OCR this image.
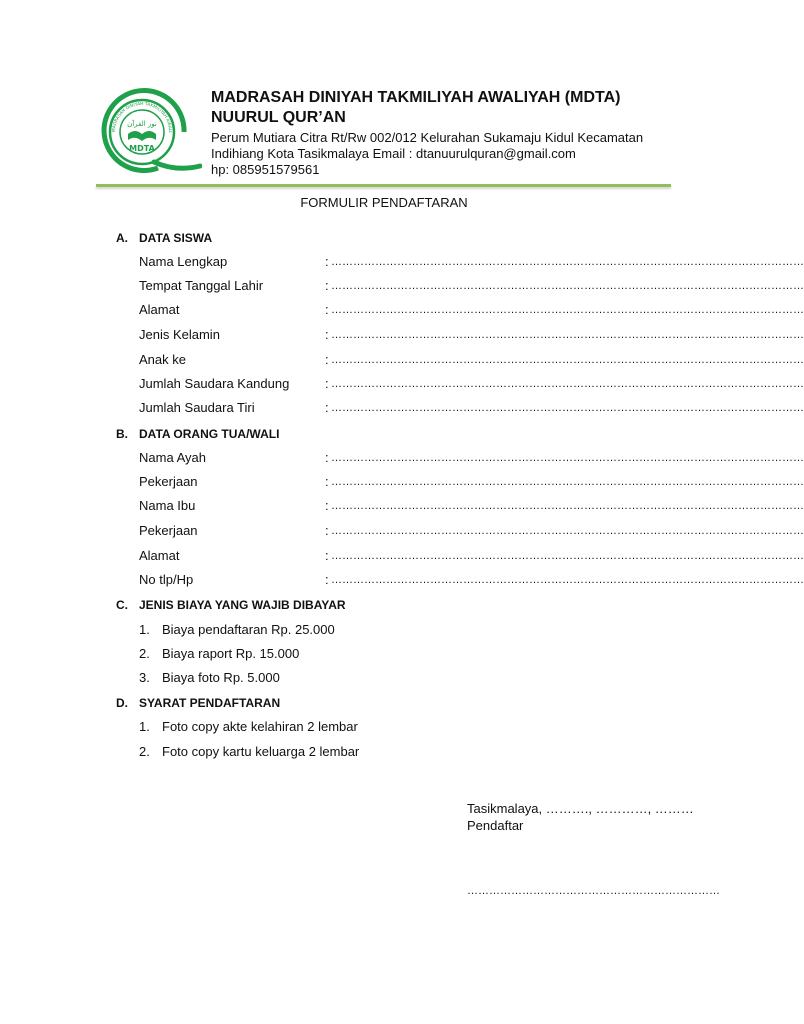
MADRASAH DINIYAH TAKMILIYAH AWALI
نور القرآن
MDTA
MADRASAH DINIYAH TAKMILIYAH AWALIYAH (MDTA)
NUURUL QUR’AN
Perum Mutiara Citra Rt/Rw 002/012 Kelurahan Sukamaju Kidul Kecamatan
Indihiang Kota Tasikmalaya Email : dtanuurulquran@gmail.com
hp: 085951579561
FORMULIR PENDAFTARAN
A. DATA SISWA
Nama Lengkap	: …………………………………………………………………………………………………………………
Tempat Tanggal Lahir	: …………………………………………………………………………………………………………………
Alamat	: …………………………………………………………………………………………………………………
Jenis Kelamin	: …………………………………………………………………………………………………………………
Anak ke	: …………………………………………………………………………………………………………………
Jumlah Saudara Kandung	: …………………………………………………………………………………………………………………
Jumlah Saudara Tiri	: …………………………………………………………………………………………………………………
B. DATA ORANG TUA/WALI
Nama Ayah	: …………………………………………………………………………………………………………………
Pekerjaan	: …………………………………………………………………………………………………………………
Nama Ibu	: …………………………………………………………………………………………………………………
Pekerjaan	: …………………………………………………………………………………………………………………
Alamat	: …………………………………………………………………………………………………………………
No tlp/Hp	: …………………………………………………………………………………………………………………
C. JENIS BIAYA YANG WAJIB DIBAYAR
1. Biaya pendaftaran Rp. 25.000
2. Biaya raport Rp. 15.000
3. Biaya foto Rp. 5.000
D. SYARAT PENDAFTARAN
1. Foto copy akte kelahiran 2 lembar
2. Foto copy kartu keluarga 2 lembar
Tasikmalaya, ………., …………, ………
Pendaftar
……………………………………………………………
